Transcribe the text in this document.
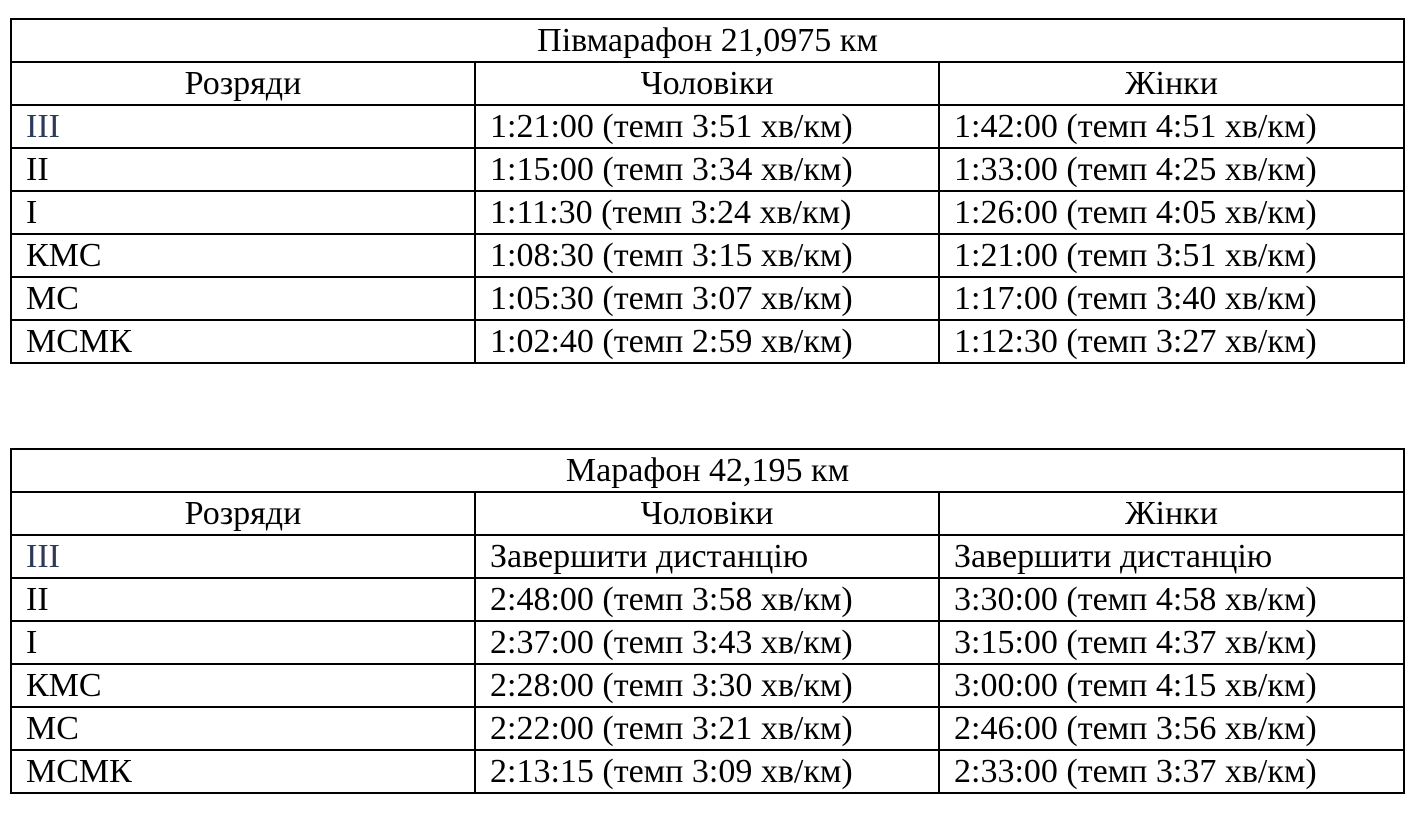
Півмарафон 21,0975 км		
Розряди	Чоловіки	Жінки
III	1:21:00 (темп 3:51 хв/км)	1:42:00 (темп 4:51 хв/км)
II	1:15:00 (темп 3:34 хв/км)	1:33:00 (темп 4:25 хв/км)
I	1:11:30 (темп 3:24 хв/км)	1:26:00 (темп 4:05 хв/км)
КМС	1:08:30 (темп 3:15 хв/км)	1:21:00 (темп 3:51 хв/км)
МС	1:05:30 (темп 3:07 хв/км)	1:17:00 (темп 3:40 хв/км)
МСМК	1:02:40 (темп 2:59 хв/км)	1:12:30 (темп 3:27 хв/км)
Марафон 42,195 км		
Розряди	Чоловіки	Жінки
III	Завершити дистанцію	Завершити дистанцію
II	2:48:00 (темп 3:58 хв/км)	3:30:00 (темп 4:58 хв/км)
I	2:37:00 (темп 3:43 хв/км)	3:15:00 (темп 4:37 хв/км)
КМС	2:28:00 (темп 3:30 хв/км)	3:00:00 (темп 4:15 хв/км)
МС	2:22:00 (темп 3:21 хв/км)	2:46:00 (темп 3:56 хв/км)
МСМК	2:13:15 (темп 3:09 хв/км)	2:33:00 (темп 3:37 хв/км)
